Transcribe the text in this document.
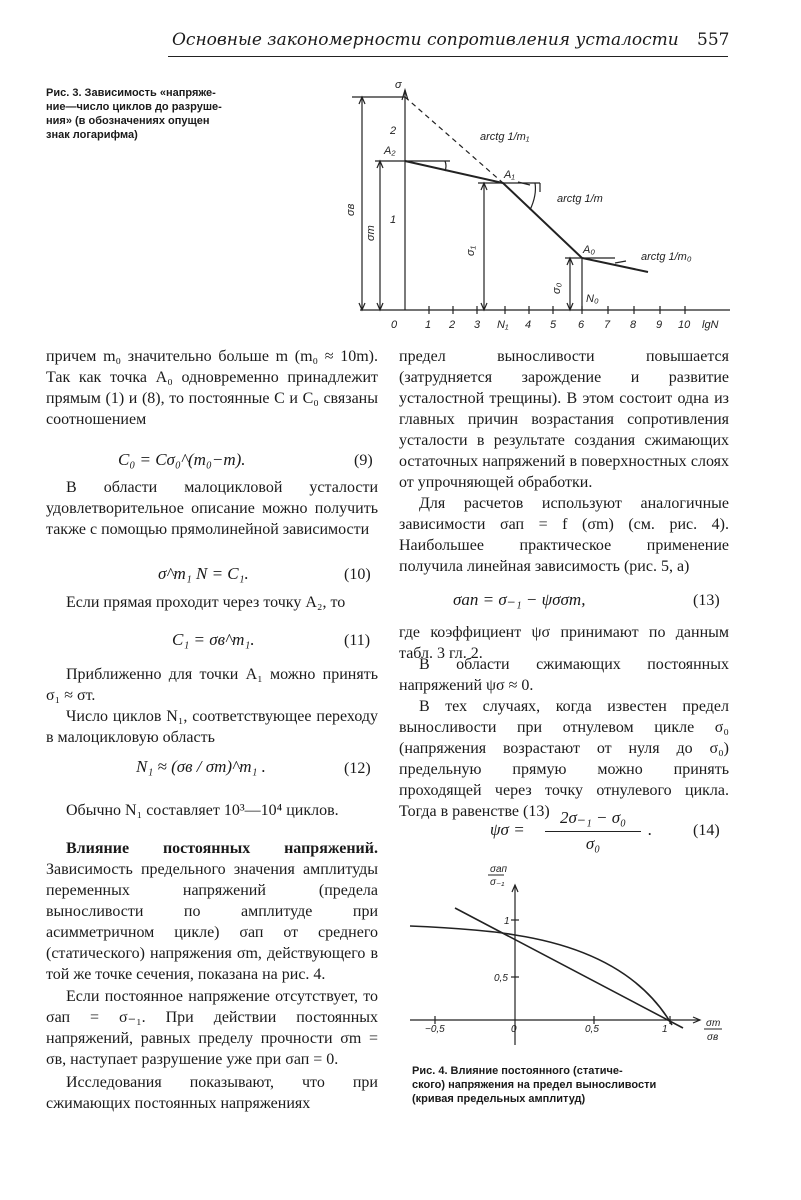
Основные закономерности сопротивления усталости 557
Рис. 3. Зависимость «напряже-
ние—число циклов до разруше-
ния» (в обозначениях опущен
знак логарифма)
σ
2
1
A₂
A₁
A₀
arctg 1/m₁
arctg 1/m
arctg 1/m₀
N₀
σв
σт
σ₁
σ₀
0	1 2 3 N₁ 4 5 6 7 8 9 10 lgN

причем m₀ значительно больше m (m₀ ≈ 10m). Так как точка A₀ одновременно принадлежит прямым (1) и (8), то постоянные C и C₀ связаны соотношением

C₀ = Cσ₀^(m₀−m).	(9)

В области малоцикловой усталости удовлетворительное описание можно получить также с помощью прямолинейной зависимости

σ^m₁ N = C₁.	(10)

Если прямая проходит через точку A₂, то

C₁ = σв^m₁.	(11)

Приближенно для точки A₁ можно принять σ₁ ≈ σт.

Число циклов N₁, соответствующее переходу в малоцикловую область

N₁ ≈ (σв / σт)^m₁ .	(12)

Обычно N₁ составляет 10³—10⁴ циклов.

Влияние постоянных напряжений. Зависимость предельного значения амплитуды переменных напряжений (предела выносливости по амплитуде при асимметричном цикле) σап от среднего (статического) напряжения σm, действующего в той же точке сечения, показана на рис. 4.

Если постоянное напряжение отсутствует, то σап = σ₋₁. При действии постоянных напряжений, равных пределу прочности σm = σв, наступает разрушение уже при σап = 0.

Исследования показывают, что при сжимающих постоянных напряжениях

предел выносливости повышается (затрудняется зарождение и развитие усталостной трещины). В этом состоит одна из главных причин возрастания сопротивления усталости в результате создания сжимающих остаточных напряжений в поверхностных слоях от упрочняющей обработки.

Для расчетов используют аналогичные зависимости σап = f (σm) (см. рис. 4). Наибольшее практическое применение получила линейная зависимость (рис. 5, а)

σап = σ₋₁ − ψσσm,	(13)

где коэффициент ψσ принимают по данным табл. 3 гл. 2.

В области сжимающих постоянных напряжений ψσ ≈ 0.

В тех случаях, когда известен предел выносливости при отнулевом цикле σ₀ (напряжения возрастают от нуля до σ₀) предельную прямую можно принять проходящей через точку отнулевого цикла. Тогда в равенстве (13)

ψσ =
2σ₋₁ − σ₀
σ₀
.	(14)
σап
σ₋₁
1
0,5
−0,5	0	0,5	1
σm
σв
Рис. 4. Влияние постоянного (статиче-
ского) напряжения на предел выносливости
(кривая предельных амплитуд)
